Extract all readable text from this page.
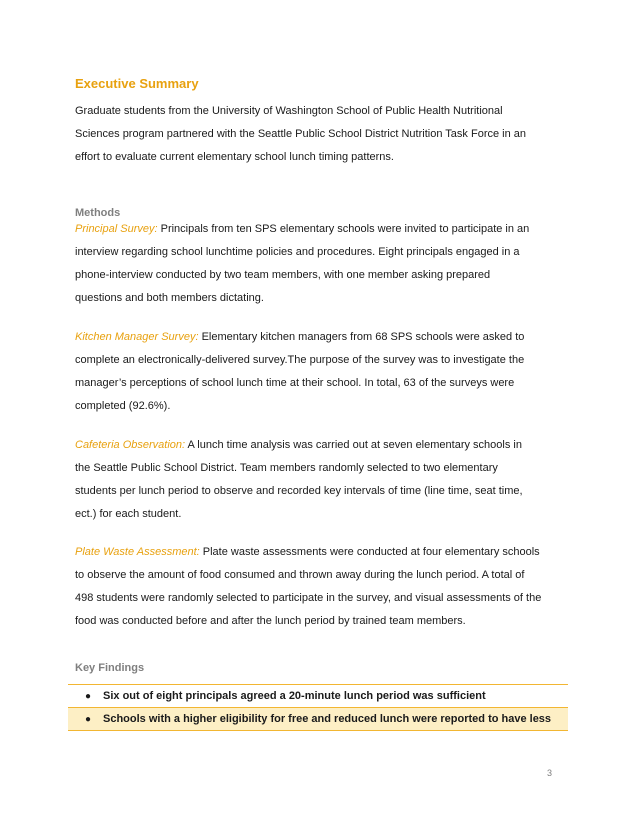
Executive Summary
Graduate students from the University of Washington School of Public Health Nutritional
Sciences program partnered with the Seattle Public School District Nutrition Task Force in an
effort to evaluate current elementary school lunch timing patterns.
Methods
Principal Survey: Principals from ten SPS elementary schools were invited to participate in an
interview regarding school lunchtime policies and procedures. Eight principals engaged in a
phone-interview conducted by two team members, with one member asking prepared
questions and both members dictating.
Kitchen Manager Survey: Elementary kitchen managers from 68 SPS schools were asked to
complete an electronically-delivered survey.The purpose of the survey was to investigate the
manager’s perceptions of school lunch time at their school. In total, 63 of the surveys were
completed (92.6%).
Cafeteria Observation: A lunch time analysis was carried out at seven elementary schools in
the Seattle Public School District. Team members randomly selected to two elementary
students per lunch period to observe and recorded key intervals of time (line time, seat time,
ect.) for each student.
Plate Waste Assessment: Plate waste assessments were conducted at four elementary schools
to observe the amount of food consumed and thrown away during the lunch period. A total of
498 students were randomly selected to participate in the survey, and visual assessments of the
food was conducted before and after the lunch period by trained team members.
Key Findings
●	Six out of eight principals agreed a 20-minute lunch period was sufficient
●	Schools with a higher eligibility for free and reduced lunch were reported to have less
3
